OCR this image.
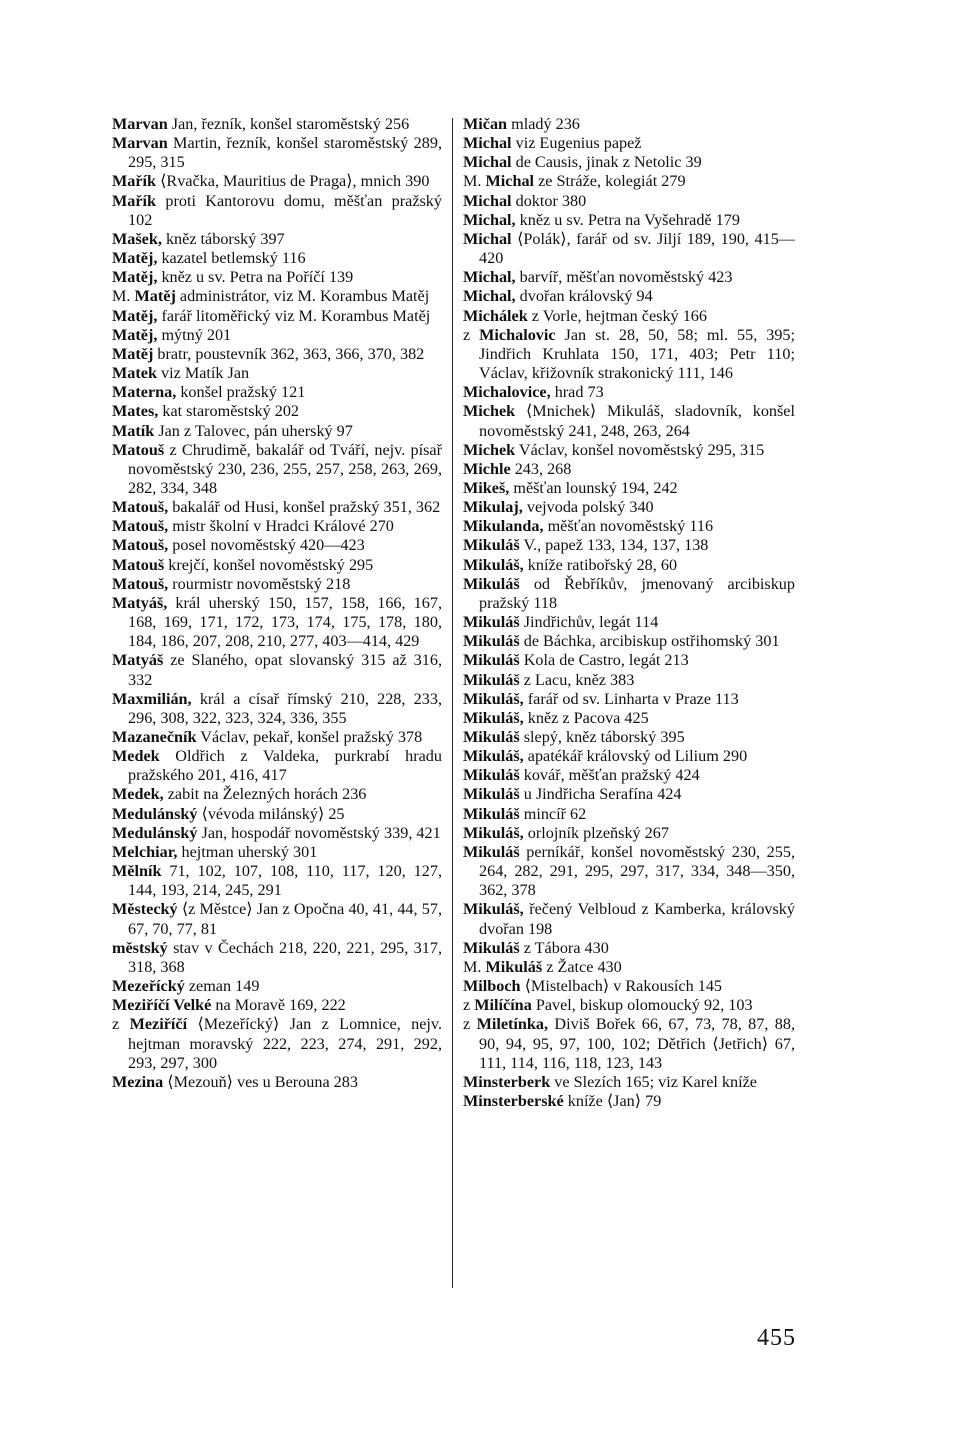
Marvan Jan, řezník, konšel staroměstský 256

Marvan Martin, řezník, konšel staroměstský 289, 295, 315

Mařík ⟨Rvačka, Mauritius de Praga⟩, mnich 390

Mařík proti Kantorovu domu, měšťan pražský 102

Mašek, kněz táborský 397

Matěj, kazatel betlemský 116

Matěj, kněz u sv. Petra na Poříčí 139

M. Matěj administrátor, viz M. Korambus Matěj

Matěj, farář litoměřický viz M. Korambus Matěj

Matěj, mýtný 201

Matěj bratr, poustevník 362, 363, 366, 370, 382

Matek viz Matík Jan

Materna, konšel pražský 121

Mates, kat staroměstský 202

Matík Jan z Talovec, pán uherský 97

Matouš z Chrudimě, bakalář od Tváří, nejv. písař novoměstský 230, 236, 255, 257, 258, 263, 269, 282, 334, 348

Matouš, bakalář od Husi, konšel pražský 351, 362

Matouš, mistr školní v Hradci Králové 270

Matouš, posel novoměstský 420—423

Matouš krejčí, konšel novoměstský 295

Matouš, rourmistr novoměstský 218

Matyáš, král uherský 150, 157, 158, 166, 167, 168, 169, 171, 172, 173, 174, 175, 178, 180, 184, 186, 207, 208, 210, 277, 403—414, 429

Matyáš ze Slaného, opat slovanský 315 až 316, 332

Maxmilián, král a císař římský 210, 228, 233, 296, 308, 322, 323, 324, 336, 355

Mazanečník Václav, pekař, konšel pražský 378

Medek Oldřich z Valdeka, purkrabí hradu pražského 201, 416, 417

Medek, zabit na Železných horách 236

Medulánský ⟨vévoda milánský⟩ 25

Medulánský Jan, hospodář novoměstský 339, 421

Melchiar, hejtman uherský 301

Mělník 71, 102, 107, 108, 110, 117, 120, 127, 144, 193, 214, 245, 291

Městecký ⟨z Městce⟩ Jan z Opočna 40, 41, 44, 57, 67, 70, 77, 81

městský stav v Čechách 218, 220, 221, 295, 317, 318, 368

Mezeřícký zeman 149

Meziříčí Velké na Moravě 169, 222

z Meziříčí ⟨Mezeřícký⟩ Jan z Lomnice, nejv. hejtman moravský 222, 223, 274, 291, 292, 293, 297, 300

Mezina ⟨Mezouň⟩ ves u Berouna 283

Mičan mladý 236

Michal viz Eugenius papež

Michal de Causis, jinak z Netolic 39

M. Michal ze Stráže, kolegiát 279

Michal doktor 380

Michal, kněz u sv. Petra na Vyšehradě 179

Michal ⟨Polák⟩, farář od sv. Jiljí 189, 190, 415—420

Michal, barvíř, měšťan novoměstský 423

Michal, dvořan královský 94

Michálek z Vorle, hejtman český 166

z Michalovic Jan st. 28, 50, 58; ml. 55, 395; Jindřich Kruhlata 150, 171, 403; Petr 110; Václav, křižovník strakonický 111, 146

Michalovice, hrad 73

Michek ⟨Mnichek⟩ Mikuláš, sladovník, konšel novoměstský 241, 248, 263, 264

Michek Václav, konšel novoměstský 295, 315

Michle 243, 268

Mikeš, měšťan lounský 194, 242

Mikulaj, vejvoda polský 340

Mikulanda, měšťan novoměstský 116

Mikuláš V., papež 133, 134, 137, 138

Mikuláš, kníže ratibořský 28, 60

Mikuláš od Řebříkův, jmenovaný arcibiskup pražský 118

Mikuláš Jindřichův, legát 114

Mikuláš de Báchka, arcibiskup ostřihomský 301

Mikuláš Kola de Castro, legát 213

Mikuláš z Lacu, kněz 383

Mikuláš, farář od sv. Linharta v Praze 113

Mikuláš, kněz z Pacova 425

Mikuláš slepý, kněz táborský 395

Mikuláš, apatékář královský od Lilium 290

Mikuláš kovář, měšťan pražský 424

Mikuláš u Jindřicha Serafína 424

Mikuláš mincíř 62

Mikuláš, orlojník plzeňský 267

Mikuláš perníkář, konšel novoměstský 230, 255, 264, 282, 291, 295, 297, 317, 334, 348—350, 362, 378

Mikuláš, řečený Velbloud z Kamberka, královský dvořan 198

Mikuláš z Tábora 430

M. Mikuláš z Žatce 430

Milboch ⟨Mistelbach⟩ v Rakousích 145

z Milíčína Pavel, biskup olomoucký 92, 103

z Miletínka, Diviš Bořek 66, 67, 73, 78, 87, 88, 90, 94, 95, 97, 100, 102; Dětřich ⟨Jetřich⟩ 67, 111, 114, 116, 118, 123, 143

Minsterberk ve Slezích 165; viz Karel kníže

Minsterberské kníže ⟨Jan⟩ 79

455
